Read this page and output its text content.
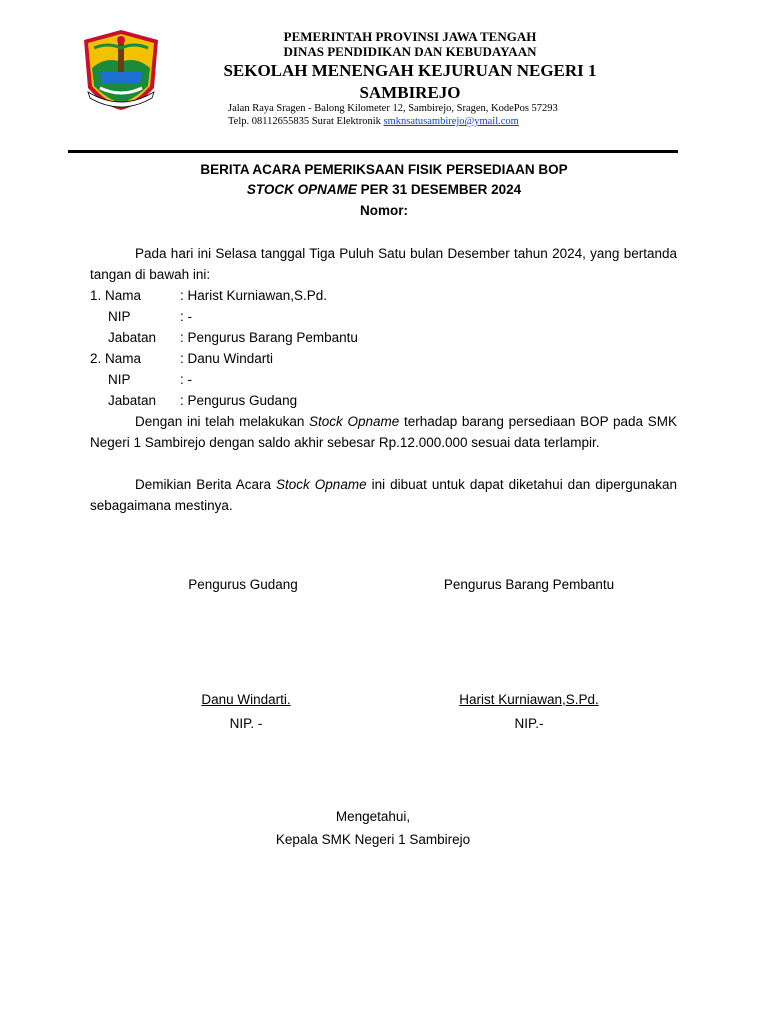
PEMERINTAH PROVINSI JAWA TENGAH
DINAS PENDIDIKAN DAN KEBUDAYAAN
SEKOLAH MENENGAH KEJURUAN NEGERI 1
SAMBIREJO
Jalan Raya Sragen - Balong Kilometer 12, Sambirejo, Sragen, KodePos 57293
Telp. 08112655835 Surat Elektronik smknsatusambirejo@ymail.com
BERITA ACARA PEMERIKSAAN FISIK PERSEDIAAN BOP
STOCK OPNAME PER 31 DESEMBER 2024
Nomor:
Pada hari ini Selasa tanggal Tiga Puluh Satu bulan Desember tahun 2024, yang bertanda tangan di bawah ini:
1. Nama	: Harist Kurniawan,S.Pd.
NIP	: -
Jabatan : Pengurus Barang Pembantu
2. Nama	: Danu Windarti
NIP	: -
Jabatan : Pengurus Gudang
Dengan ini telah melakukan Stock Opname terhadap barang persediaan BOP pada SMK Negeri 1 Sambirejo dengan saldo akhir sebesar Rp.12.000.000 sesuai data terlampir.
Demikian Berita Acara Stock Opname ini dibuat untuk dapat diketahui dan dipergunakan sebagaimana mestinya.
Pengurus Gudang	Pengurus Barang Pembantu
Danu Windarti.	Harist Kurniawan,S.Pd.
NIP. -	NIP.-
Mengetahui,
Kepala SMK Negeri 1 Sambirejo
